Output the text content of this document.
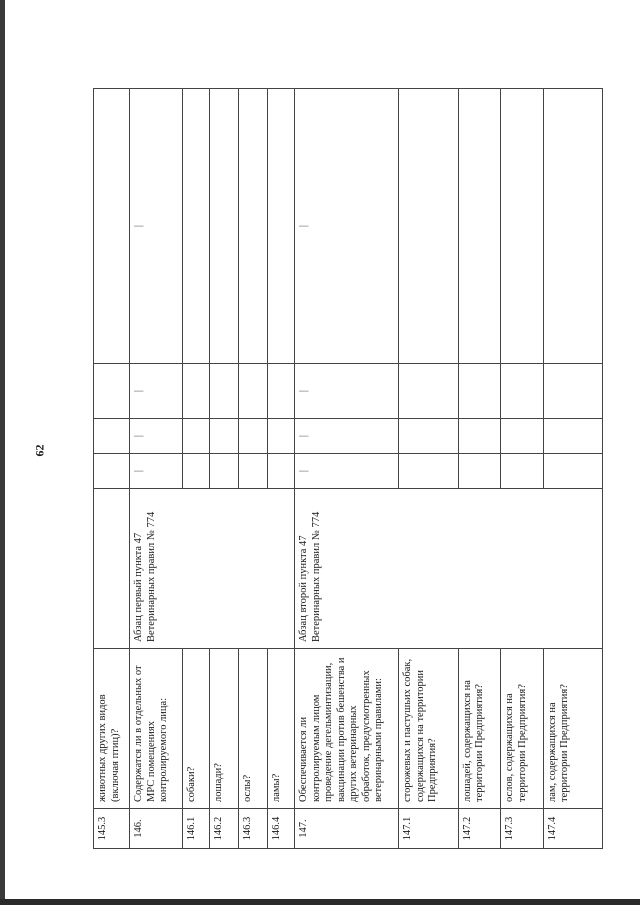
62
145.3	животных других видов (включая птиц)?					
146.	Содержатся ли в отдельных от МРС помещениях контролируемого лица:	Абзац первый пункта 47 Ветеринарных правил № 774	|	|	|	|
146.1	собаки?					
146.2	лошади?					
146.3	ослы?					
146.4	ламы?					
147.	Обеспечивается ли контролируемым лицом проведение дегельминтизации, вакцинации против бешенства и других ветеринарных обработок, предусмотренных ветеринарными правилами:	Абзац второй пункта 47 Ветеринарных правил № 774	|	|	|	|
147.1	сторожевых и пастушьих собак, содержащихся на территории Предприятия?					
147.2	лошадей, содержащихся на территории Предприятия?					
147.3	ослов, содержащихся на территории Предприятия?					
147.4	лам, содержащихся на территории Предприятия?					
